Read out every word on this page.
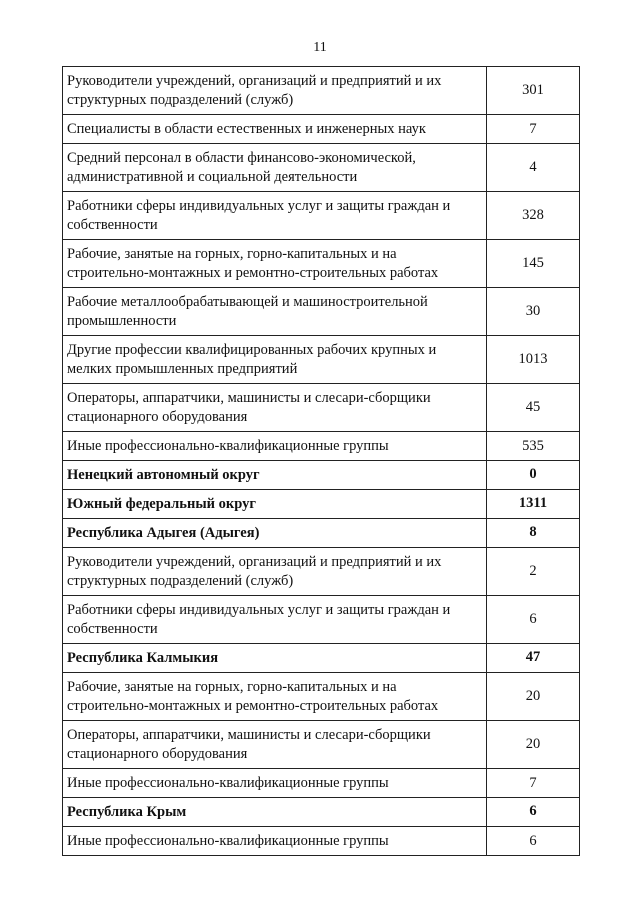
11
Руководители учреждений, организаций и предприятий и их структурных подразделений (служб)	301
Специалисты в области естественных и инженерных наук	7
Средний персонал в области финансово-экономической, административной и социальной деятельности	4
Работники сферы индивидуальных услуг и защиты граждан и собственности	328
Рабочие, занятые на горных, горно-капитальных и на строительно-монтажных и ремонтно-строительных работах	145
Рабочие металлообрабатывающей и машиностроительной промышленности	30
Другие профессии квалифицированных рабочих крупных и мелких промышленных предприятий	1013
Операторы, аппаратчики, машинисты и слесари-сборщики стационарного оборудования	45
Иные профессионально-квалификационные группы	535
Ненецкий автономный округ	0
Южный федеральный округ	1311
Республика Адыгея (Адыгея)	8
Руководители учреждений, организаций и предприятий и их структурных подразделений (служб)	2
Работники сферы индивидуальных услуг и защиты граждан и собственности	6
Республика Калмыкия	47
Рабочие, занятые на горных, горно-капитальных и на строительно-монтажных и ремонтно-строительных работах	20
Операторы, аппаратчики, машинисты и слесари-сборщики стационарного оборудования	20
Иные профессионально-квалификационные группы	7
Республика Крым	6
Иные профессионально-квалификационные группы	6
